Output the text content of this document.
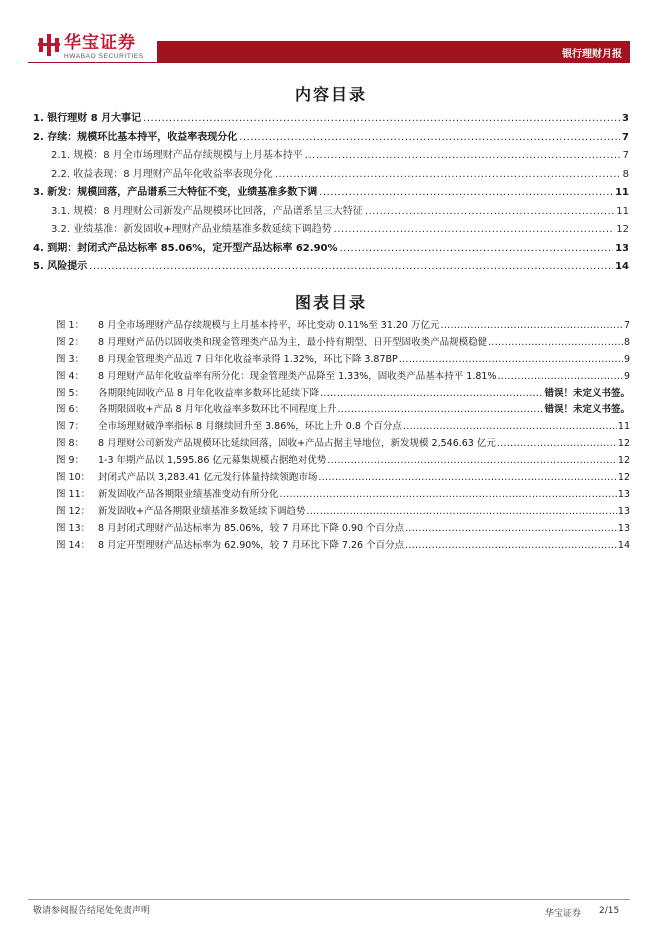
华宝证券
HWABAO SECURITIES	银行理财月报
内容目录
1. 银行理财 8 月大事记 .....	3
2. 存续：规模环比基本持平，收益率表现分化 .....	7
2.1. 规模：8 月全市场理财产品存续规模与上月基本持平 .....	7
2.2. 收益表现：8 月理财产品年化收益率表现分化 .....	8
3. 新发：规模回落，产品谱系三大特征不变，业绩基准多数下调 .....	11
3.1. 规模：8 月理财公司新发产品规模环比回落，产品谱系呈三大特征 .....	11
3.2. 业绩基准：新发固收+理财产品业绩基准多数延续下调趋势 .....	12
4. 到期：封闭式产品达标率 85.06%，定开型产品达标率 62.90% .....	13
5. 风险提示 .....	14
图表目录
图 1：	8 月全市场理财产品存续规模与上月基本持平，环比变动 0.11%至 31.20 万亿元 .....	7
图 2：	8 月理财产品仍以固收类和现金管理类产品为主，最小持有期型、日开型固收类产品规模稳健 .....	8
图 3：	8 月现金管理类产品近 7 日年化收益率录得 1.32%，环比下降 3.87BP .....	9
图 4：	8 月理财产品年化收益率有所分化：现金管理类产品降至 1.33%，固收类产品基本持平 1.81% .....	9
图 5：	各期限纯固收产品 8 月年化收益率多数环比延续下降 .....	错误！未定义书签。
图 6：	各期限固收+产品 8 月年化收益率多数环比不同程度上升 .....	错误！未定义书签。
图 7：	全市场理财破净率指标 8 月继续回升至 3.86%，环比上升 0.8 个百分点 .....	11
图 8：	8 月理财公司新发产品规模环比延续回落，固收+产品占据主导地位，新发规模 2,546.63 亿元 .....	12
图 9：	1-3 年期产品以 1,595.86 亿元募集规模占据绝对优势 .....	12
图 10： 封闭式产品以 3,283.41 亿元发行体量持续领跑市场 .....	12
图 11： 新发固收产品各期限业绩基准变动有所分化 .....	13
图 12： 新发固收+产品各期限业绩基准多数延续下调趋势 .....	13
图 13： 8 月封闭式理财产品达标率为 85.06%，较 7 月环比下降 0.90 个百分点 .....	13
图 14： 8 月定开型理财产品达标率为 62.90%，较 7 月环比下降 7.26 个百分点 .....	14
敬请参阅报告结尾处免责声明	华宝证券 2/15
